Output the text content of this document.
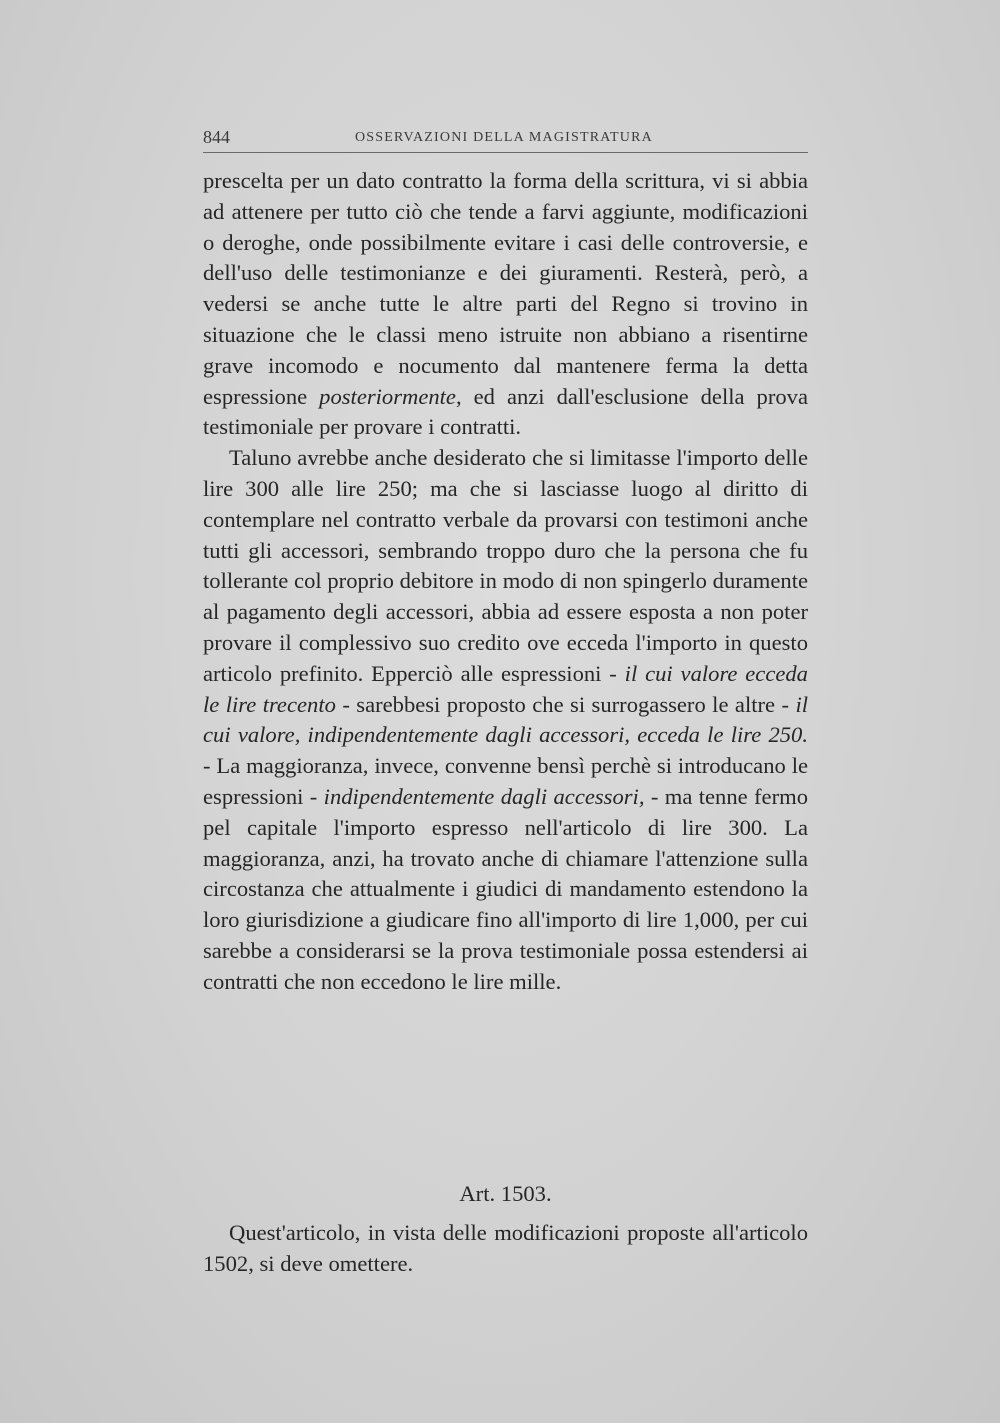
844	OSSERVAZIONI DELLA MAGISTRATURA

prescelta per un dato contratto la forma della scrittura, vi si abbia ad attenere per tutto ciò che tende a farvi aggiunte, modificazioni o deroghe, onde possibilmente evitare i casi delle controversie, e dell'uso delle testimonianze e dei giuramenti. Resterà, però, a vedersi se anche tutte le altre parti del Regno si trovino in situazione che le classi meno istruite non abbiano a risentirne grave incomodo e nocumento dal mantenere ferma la detta espressione posteriormente, ed anzi dall'esclusione della prova testimoniale per provare i contratti.

Taluno avrebbe anche desiderato che si limitasse l'importo delle lire 300 alle lire 250; ma che si lasciasse luogo al diritto di contemplare nel contratto verbale da provarsi con testimoni anche tutti gli accessori, sembrando troppo duro che la persona che fu tollerante col proprio debitore in modo di non spingerlo duramente al pagamento degli accessori, abbia ad essere esposta a non poter provare il complessivo suo credito ove ecceda l'importo in questo articolo prefinito. Epperciò alle espressioni - il cui valore ecceda le lire trecento - sarebbesi proposto che si surrogassero le altre - il cui valore, indipendentemente dagli accessori, ecceda le lire 250. - La maggioranza, invece, convenne bensì perchè si introducano le espressioni - indipendentemente dagli accessori, - ma tenne fermo pel capitale l'importo espresso nell'articolo di lire 300. La maggioranza, anzi, ha trovato anche di chiamare l'attenzione sulla circostanza che attualmente i giudici di mandamento estendono la loro giurisdizione a giudicare fino all'importo di lire 1,000, per cui sarebbe a considerarsi se la prova testimoniale possa estendersi ai contratti che non eccedono le lire mille.

Art. 1503.
Quest'articolo, in vista delle modificazioni proposte all'articolo 1502, si deve omettere.
